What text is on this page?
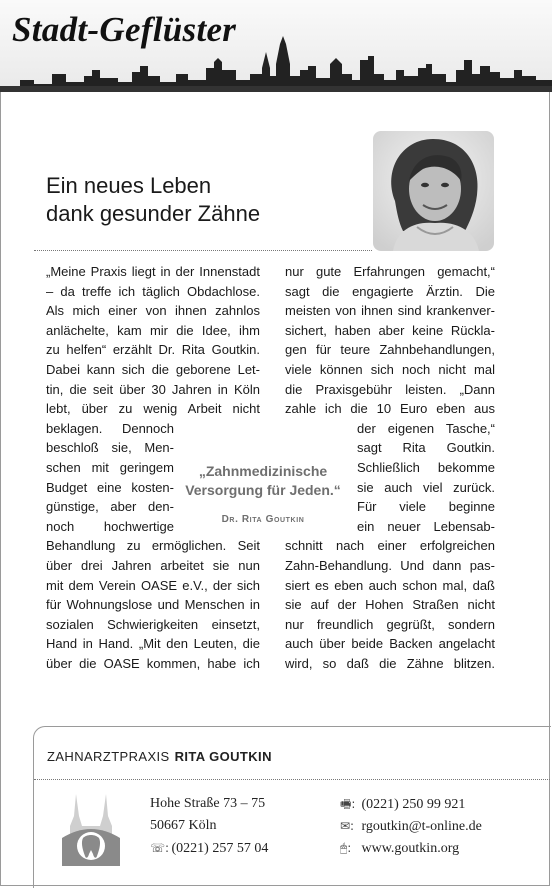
Stadt-Geflüster
Ein neues Leben
dank gesunder Zähne
„Meine Praxis liegt in der Innenstadt
– da treffe ich täglich Obdachlose.
Als mich einer von ihnen zahnlos
anlächelte, kam mir die Idee, ihm
zu helfen“ erzählt Dr. Rita Goutkin.
Dabei kann sich die geborene Let-
tin, die seit über 30 Jahren in Köln
lebt, über zu wenig Arbeit nicht
beklagen. Dennoch
beschloß sie, Men-
schen mit geringem
Budget eine kosten-
günstige, aber den-
noch hochwertige
Behandlung zu ermöglichen. Seit
über drei Jahren arbeitet sie nun
mit dem Verein OASE e.V., der sich
für Wohnungslose und Menschen in
sozialen Schwierigkeiten einsetzt,
Hand in Hand. „Mit den Leuten, die
über die OASE kommen, habe ich
nur gute Erfahrungen gemacht,“
sagt die engagierte Ärztin. Die
meisten von ihnen sind krankenver-
sichert, haben aber keine Rückla-
gen für teure Zahnbehandlungen,
viele können sich noch nicht mal
die Praxisgebühr leisten. „Dann
zahle ich die 10 Euro eben aus
der eigenen Tasche,“
sagt Rita Goutkin.
Schließlich bekomme
sie auch viel zurück.
Für viele beginne
ein neuer Lebensab-
schnitt nach einer erfolgreichen
Zahn-Behandlung. Und dann pas-
siert es eben auch schon mal, daß
sie auf der Hohen Straßen nicht
nur freundlich gegrüßt, sondern
auch über beide Backen angelacht
wird, so daß die Zähne blitzen.
„Zahnmedizinische
Versorgung für Jeden.“
Dr. Rita Goutkin
ZAHNARZTPRAXIS RITA GOUTKIN
Hohe Straße 73 – 75
50667 Köln
☏: (0221) 257 57 04
🖷: (0221) 250 99 921
✉: rgoutkin@t-online.de
🖱: www.goutkin.org
